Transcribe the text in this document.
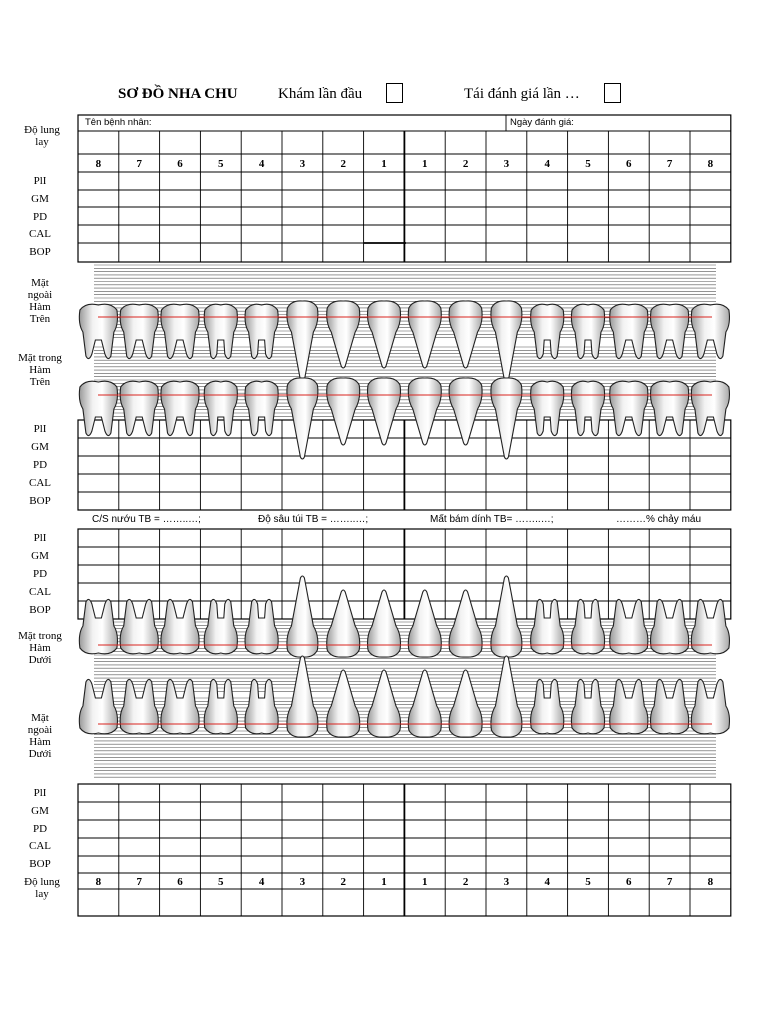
SƠ ĐỒ NHA CHU	Khám lần đầu	Tái đánh giá lần …
8	7	6	5	4	3	2	1	1	2	3	4	5	6	7	8
8	7	6	5	4	3	2	1	1	2	3	4	5	6	7	8
Tên bệnh nhân:	Ngày đánh giá:
Độ lung lay
PlI
GM
PD
CAL
BOP
PlI
GM
PD
CAL
BOP
PlI
GM
PD
CAL
BOP
PlI
GM
PD
CAL
BOP
Độ lung lay
C/S nướu TB = ……..…;	Độ sâu túi TB = ……..…;	Mất bám dính TB= ……..…;	………% chảy máu
Mặt ngoài Hàm Trên
Mặt trong Hàm Trên
Mặt trong Hàm Dưới
Mặt ngoài Hàm Dưới
